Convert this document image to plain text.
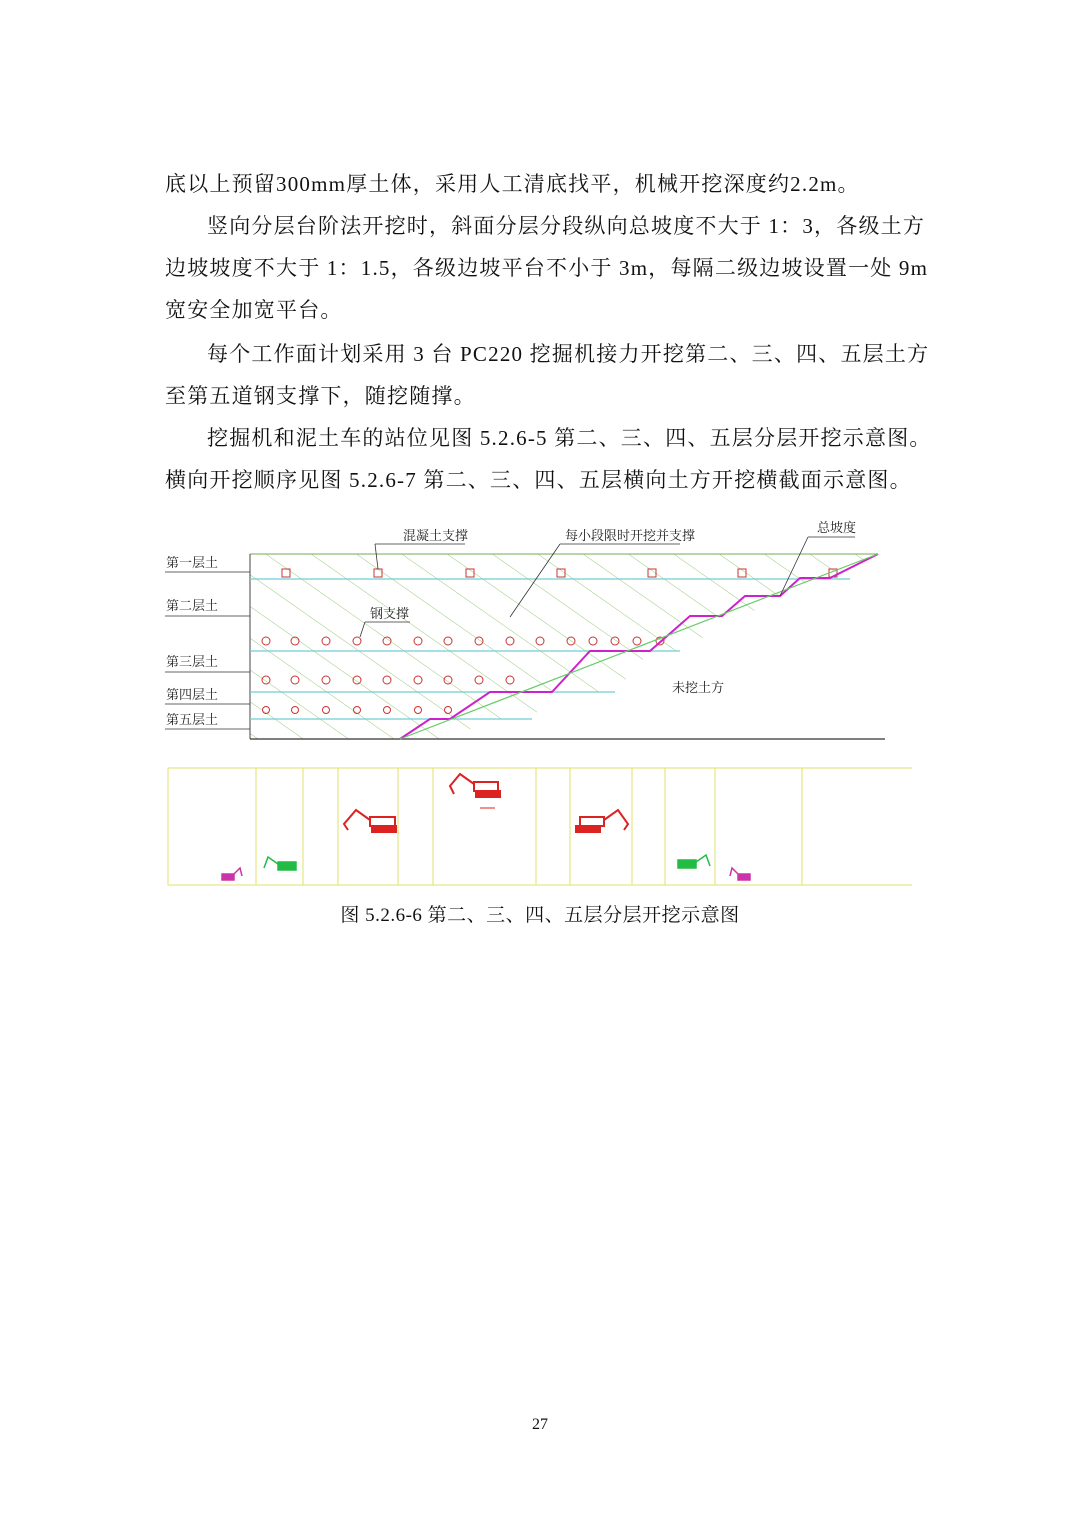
底以上预留300mm厚土体，采用人工清底找平，机械开挖深度约2.2m。

竖向分层台阶法开挖时，斜面分层分段纵向总坡度不大于 1：3，各级土方
边坡坡度不大于 1：1.5，各级边坡平台不小于 3m，每隔二级边坡设置一处 9m
宽安全加宽平台。

每个工作面计划采用 3 台 PC220 挖掘机接力开挖第二、三、四、五层土方
至第五道钢支撑下，随挖随撑。

挖掘机和泥土车的站位见图 5.2.6-5 第二、三、四、五层分层开挖示意图。
横向开挖顺序见图 5.2.6-7 第二、三、四、五层横向土方开挖横截面示意图。

混凝土支撑	每小段限时开挖并支撑
总坡度
钢支撑
未挖土方
第一层土
第二层土
第三层土
第四层土
第五层土
图 5.2.6-6 第二、三、四、五层分层开挖示意图
27
